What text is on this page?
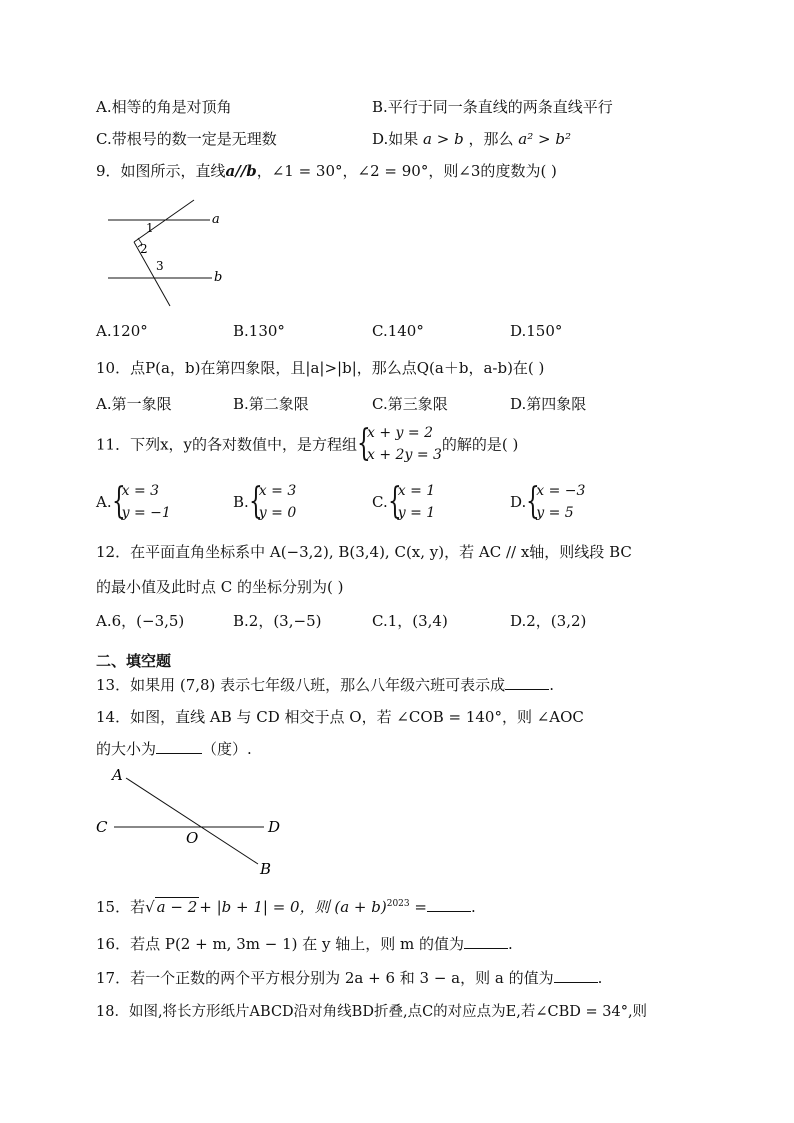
A.相等的角是对顶角	B.平行于同一条直线的两条直线平行
C.带根号的数一定是无理数	D.如果 a > b ，那么 a² > b²
9．如图所示，直线a//b，∠1 = 30°，∠2 = 90°，则∠3的度数为( )
a
b
1
2
3
A.120°	B.130°	C.140°	D.150°
10．点P(a，b)在第四象限，且|a|>|b|，那么点Q(a＋b，a-b)在( )
A.第一象限	B.第二象限	C.第三象限	D.第四象限
11．下列x，y的各对数值中，是方程组 {
x + y = 2
x + 2y = 3的解的是( )
A. {
x = 3
y = −1
B. {
x = 3
y = 0
C. {
x = 1
y = 1
D. {
x = −3
y = 5
12．在平面直角坐标系中 A(−3,2), B(3,4), C(x, y)，若 AC // x轴，则线段 BC
的最小值及此时点 C 的坐标分别为( )
A.6，(−3,5)	B.2，(3,−5)	C.1，(3,4)	D.2，(3,2)
二、填空题
13．如果用 (7,8) 表示七年级八班，那么八年级六班可表示成	.
14．如图，直线 AB 与 CD 相交于点 O，若 ∠COB = 140°，则 ∠AOC
的大小为	（度）.
A
B
C	D
O
15．若√ a − 2 + |b + 1| = 0，则 $(a + b)^{2023}$ =	.
16．若点 P(2 + m, 3m − 1) 在 y 轴上，则 m 的值为	.
17．若一个正数的两个平方根分别为 2a + 6 和 3 − a，则 a 的值为	.
18．如图,将长方形纸片ABCD沿对角线BD折叠,点C的对应点为E,若∠CBD = 34°,则
